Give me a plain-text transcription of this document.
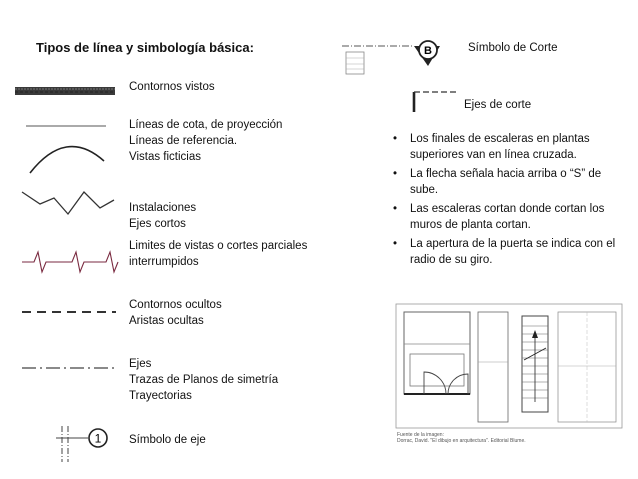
Tipos de línea y simbología básica:
Contornos vistos
Líneas de cota, de proyección
Líneas de referencia.
Vistas ficticias
Instalaciones
Ejes cortos
Limites de vistas o cortes parciales
interrumpidos
Contornos ocultos
Aristas ocultas
Ejes
Trazas de Planos de simetría
Trayectorias
1 Símbolo de eje
B	Símbolo de Corte
Ejes de corte
• Los finales de escaleras en plantas superiores van en línea cruzada.
• La flecha señala hacia arriba o “S” de sube.
• Las escaleras cortan donde cortan los muros de planta cortan.
• La apertura de la puerta se indica con el radio de su giro.
Fuente de la imagen:
Dorrac, David. "El dibujo en arquitectura". Editorial Blume.
